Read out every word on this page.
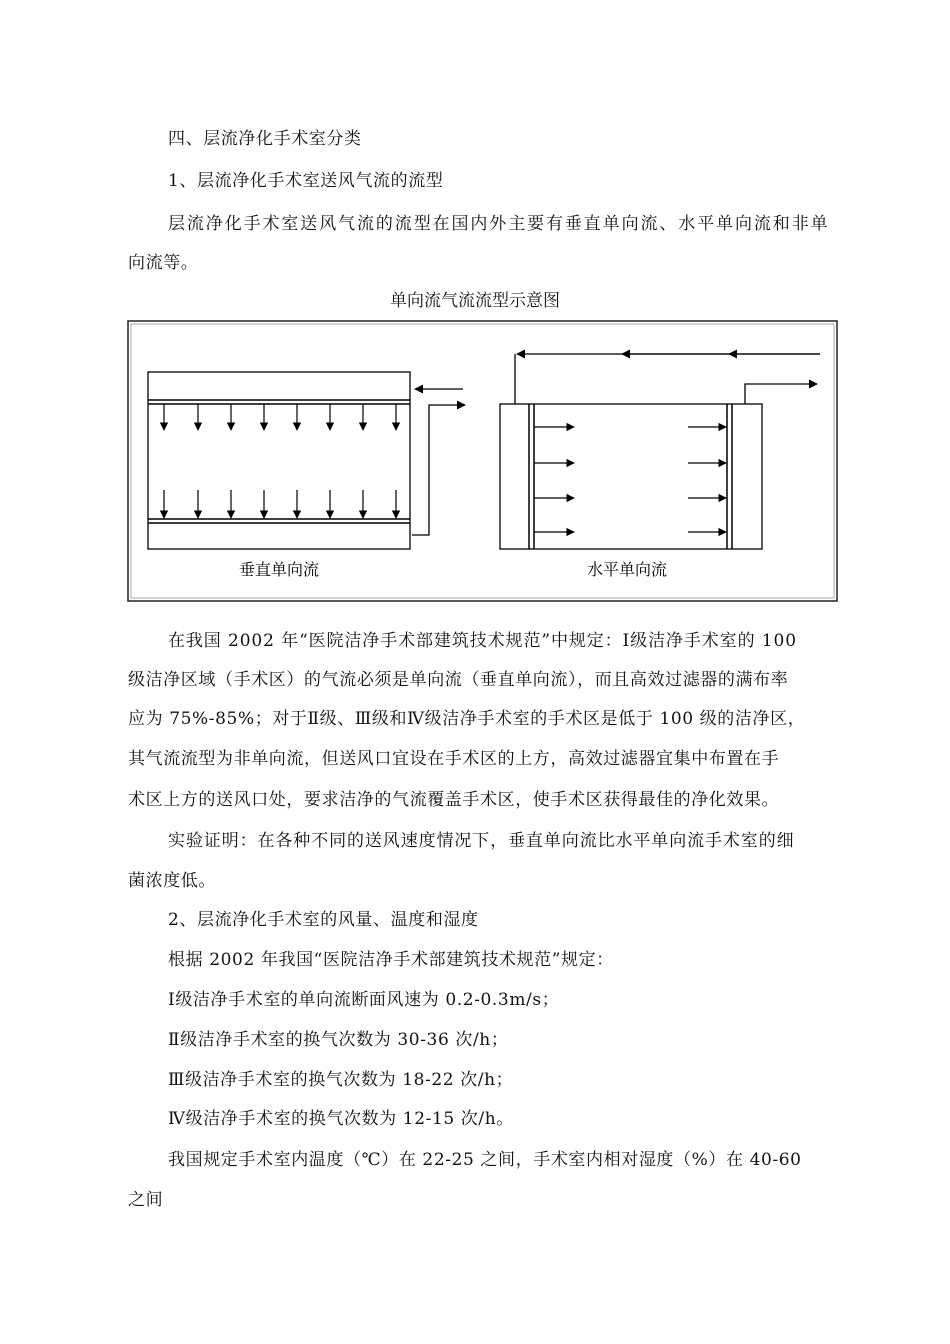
四、层流净化手术室分类
1、层流净化手术室送风气流的流型
层流净化手术室送风气流的流型在国内外主要有垂直单向流、水平单向流和非单
向流等。
单向流气流流型示意图
垂直单向流	水平单向流
在我国 2002 年“医院洁净手术部建筑技术规范”中规定：Ⅰ级洁净手术室的 100
级洁净区域（手术区）的气流必须是单向流（垂直单向流），而且高效过滤器的满布率
应为 75%-85%；对于Ⅱ级、Ⅲ级和Ⅳ级洁净手术室的手术区是低于 100 级的洁净区，
其气流流型为非单向流，但送风口宜设在手术区的上方，高效过滤器宜集中布置在手
术区上方的送风口处，要求洁净的气流覆盖手术区，使手术区获得最佳的净化效果。
实验证明：在各种不同的送风速度情况下，垂直单向流比水平单向流手术室的细
菌浓度低。
2、层流净化手术室的风量、温度和湿度
根据 2002 年我国“医院洁净手术部建筑技术规范”规定：
Ⅰ级洁净手术室的单向流断面风速为 0.2-0.3m/s；
Ⅱ级洁净手术室的换气次数为 30-36 次/h；
Ⅲ级洁净手术室的换气次数为 18-22 次/h；
Ⅳ级洁净手术室的换气次数为 12-15 次/h。
我国规定手术室内温度（℃）在 22-25 之间，手术室内相对湿度（%）在 40-60
之间
